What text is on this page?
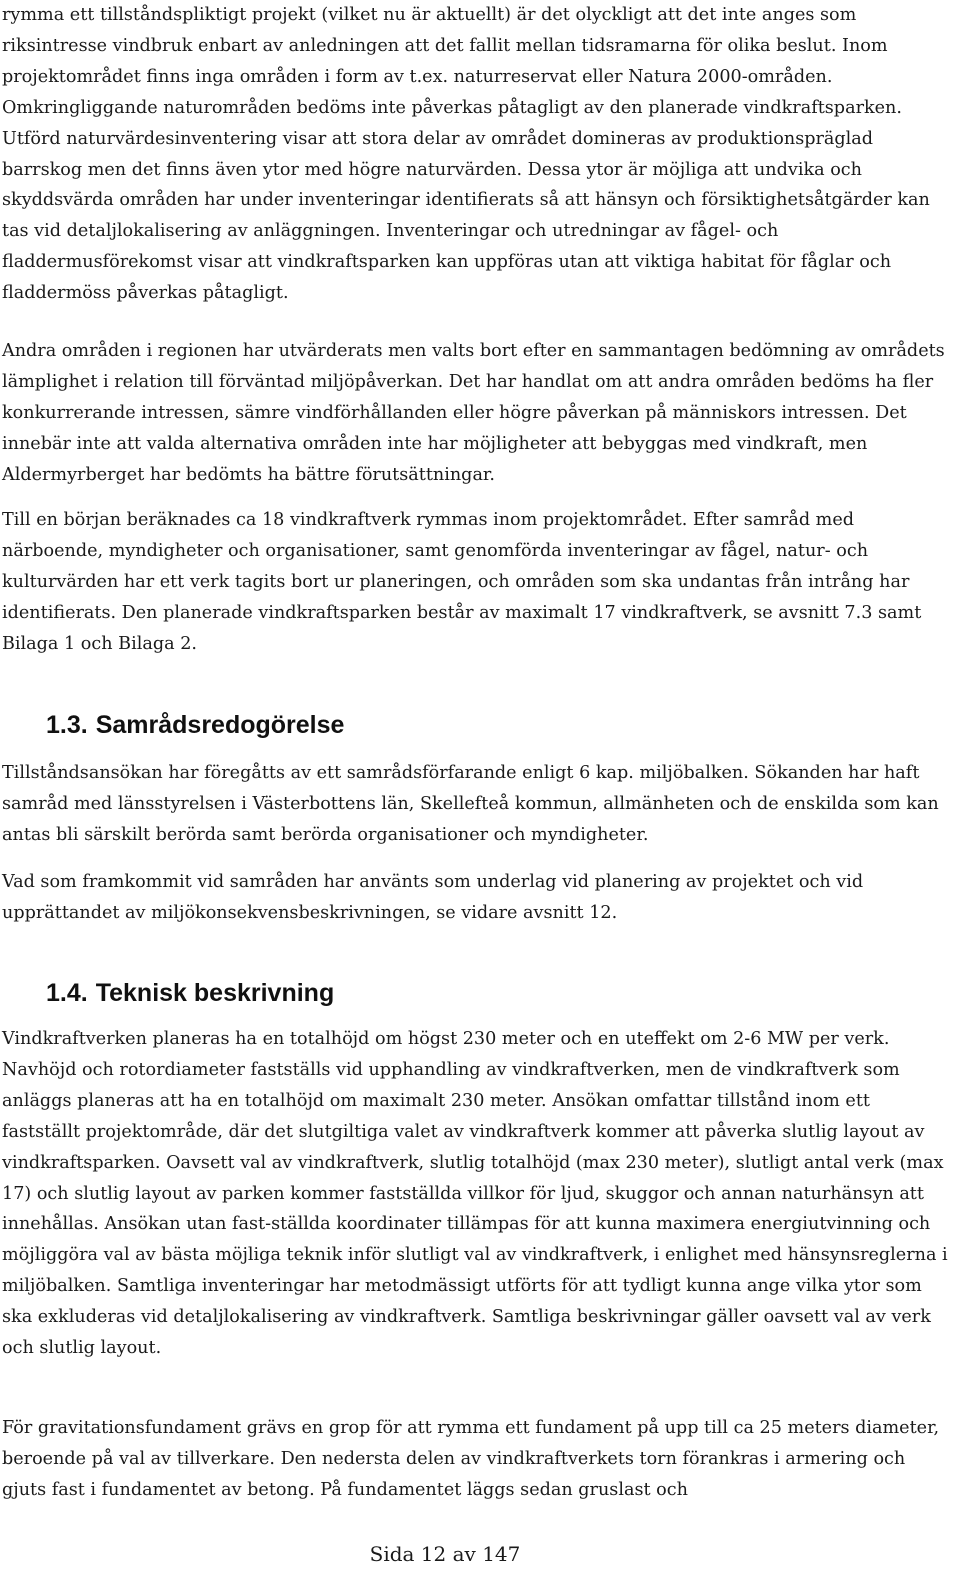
rymma ett tillståndspliktigt projekt (vilket nu är aktuellt) är det olyckligt att det inte anges som riksintresse vindbruk enbart av anledningen att det fallit mellan tidsramarna för olika beslut. Inom projektområdet finns inga områden i form av t.ex. naturreservat eller Natura 2000-områden. Omkringliggande naturområden bedöms inte påverkas påtagligt av den planerade vindkraftsparken. Utförd naturvärdesinventering visar att stora delar av området domineras av produktionspräglad barrskog men det finns även ytor med högre naturvärden. Dessa ytor är möjliga att undvika och skyddsvärda områden har under inventeringar identifierats så att hänsyn och försiktighetsåtgärder kan tas vid detaljlokalisering av anläggningen. Inventeringar och utredningar av fågel- och fladdermusförekomst visar att vindkraftsparken kan uppföras utan att viktiga habitat för fåglar och fladdermöss påverkas påtagligt.

Andra områden i regionen har utvärderats men valts bort efter en sammantagen bedömning av områdets lämplighet i relation till förväntad miljöpåverkan. Det har handlat om att andra områden bedöms ha fler konkurrerande intressen, sämre vindförhållanden eller högre påverkan på människors intressen. Det innebär inte att valda alternativa områden inte har möjligheter att bebyggas med vindkraft, men Aldermyrberget har bedömts ha bättre förutsättningar.

Till en början beräknades ca 18 vindkraftverk rymmas inom projektområdet. Efter samråd med närboende, myndigheter och organisationer, samt genomförda inventeringar av fågel, natur- och kulturvärden har ett verk tagits bort ur planeringen, och områden som ska undantas från intrång har identifierats. Den planerade vindkraftsparken består av maximalt 17 vindkraftverk, se avsnitt 7.3 samt Bilaga 1 och Bilaga 2.

1.3. Samrådsredogörelse

Tillståndsansökan har föregåtts av ett samrådsförfarande enligt 6 kap. miljöbalken. Sökanden har haft samråd med länsstyrelsen i Västerbottens län, Skellefteå kommun, allmänheten och de enskilda som kan antas bli särskilt berörda samt berörda organisationer och myndigheter.

Vad som framkommit vid samråden har använts som underlag vid planering av projektet och vid upprättandet av miljökonsekvensbeskrivningen, se vidare avsnitt 12.

1.4. Teknisk beskrivning

Vindkraftverken planeras ha en totalhöjd om högst 230 meter och en uteffekt om 2-6 MW per verk. Navhöjd och rotordiameter fastställs vid upphandling av vindkraftverken, men de vindkraftverk som anläggs planeras att ha en totalhöjd om maximalt 230 meter. Ansökan omfattar tillstånd inom ett fastställt projektområde, där det slutgiltiga valet av vindkraftverk kommer att påverka slutlig layout av vindkraftsparken. Oavsett val av vindkraftverk, slutlig totalhöjd (max 230 meter), slutligt antal verk (max 17) och slutlig layout av parken kommer fastställda villkor för ljud, skuggor och annan naturhänsyn att innehållas. Ansökan utan fast-ställda koordinater tillämpas för att kunna maximera energiutvinning och möjliggöra val av bästa möjliga teknik inför slutligt val av vindkraftverk, i enlighet med hänsynsreglerna i miljöbalken. Samtliga inventeringar har metodmässigt utförts för att tydligt kunna ange vilka ytor som ska exkluderas vid detaljlokalisering av vindkraftverk. Samtliga beskrivningar gäller oavsett val av verk och slutlig layout.

För gravitationsfundament grävs en grop för att rymma ett fundament på upp till ca 25 meters diameter, beroende på val av tillverkare. Den nedersta delen av vindkraftverkets torn förankras i armering och gjuts fast i fundamentet av betong. På fundamentet läggs sedan gruslast och

Sida 12 av 147
